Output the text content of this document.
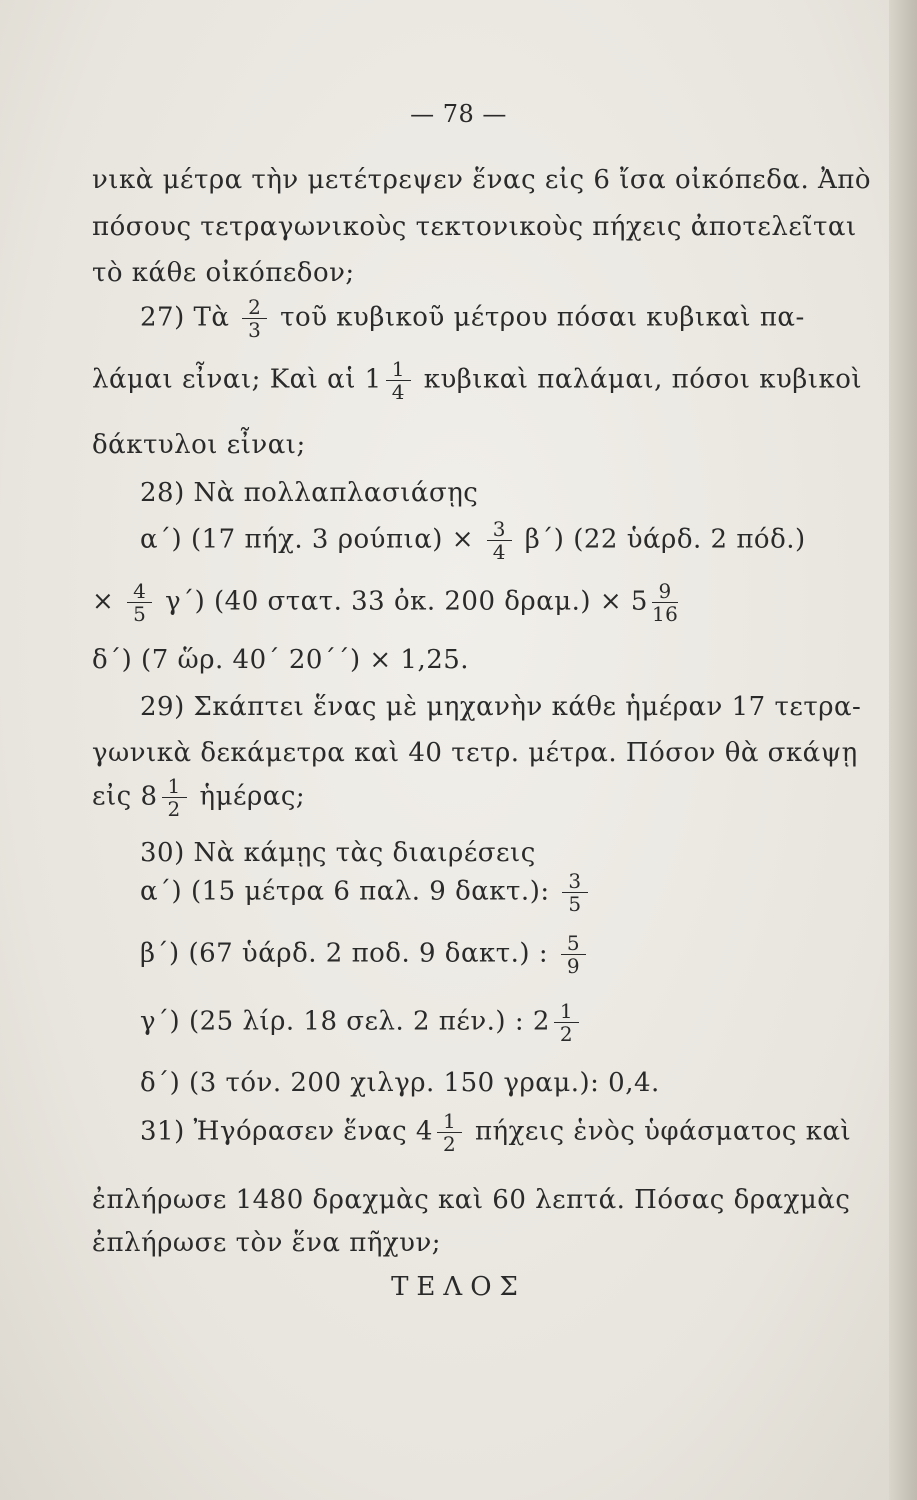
— 78 —
νικὰ μέτρα τὴν μετέτρεψεν ἕνας εἰς 6 ἴσα οἰκόπεδα. Ἀπὸ
πόσους τετραγωνικοὺς τεκτονικοὺς πήχεις ἀποτελεῖται
τὸ κάθε οἰκόπεδον;
27) Τὰ $\frac{2}{3}$ τοῦ κυβικοῦ μέτρου πόσαι κυβικαὶ πα-
λάμαι εἶναι; Καὶ αἱ $1 \frac{1}{4}$ κυβικαὶ παλάμαι, πόσοι κυβικοὶ
δάκτυλοι εἶναι;
28) Νὰ πολλαπλασιάσῃς
α΄) (17 πήχ. 3 $\rho oύ\pi\iota\alpha) \times \frac{3}{4} \beta΄$) (22 ὑάρδ. 2 πόδ.)
× $\frac{4}{5} \gamma΄$) (40 στατ. 33 ὀκ. 200 $\delta\rho\alpha\mu.) \times 5 \frac{9}{16}$
δ΄) (7 ὥρ. 40΄ 20΄΄) × 1,25.
29) Σκάπτει ἕνας μὲ μηχανὴν κάθε ἡμέραν 17 τετρα-
γωνικὰ δεκάμετρα καὶ 40 τετρ. μέτρα. Πόσον θὰ σκάψῃ
εἰς $8 \frac{1}{2}$ ἡμέρας;
30) Νὰ κάμῃς τὰς διαιρέσεις
α΄) (15 μέτρα 6 παλ. 9 δακτ.): $\frac{3}{5}$
β΄) (67 ὑάρδ. 2 ποδ. 9 δακτ.) : $\frac{5}{9}$
γ΄) (25 λίρ. 18 σελ. 2 πέν.) : $2 \frac{1}{2}$
δ΄) (3 τόν. 200 χιλγρ. 150 γραμ.): 0,4.
31) Ἠγόρασεν ἕνας $4 \frac{1}{2}$ πήχεις ἑνὸς ὑφάσματος καὶ
ἐπλήρωσε 1480 δραχμὰς καὶ 60 λεπτά. Πόσας δραχμὰς
ἐπλήρωσε τὸν ἕνα πῆχυν;
ΤΕΛΟΣ
